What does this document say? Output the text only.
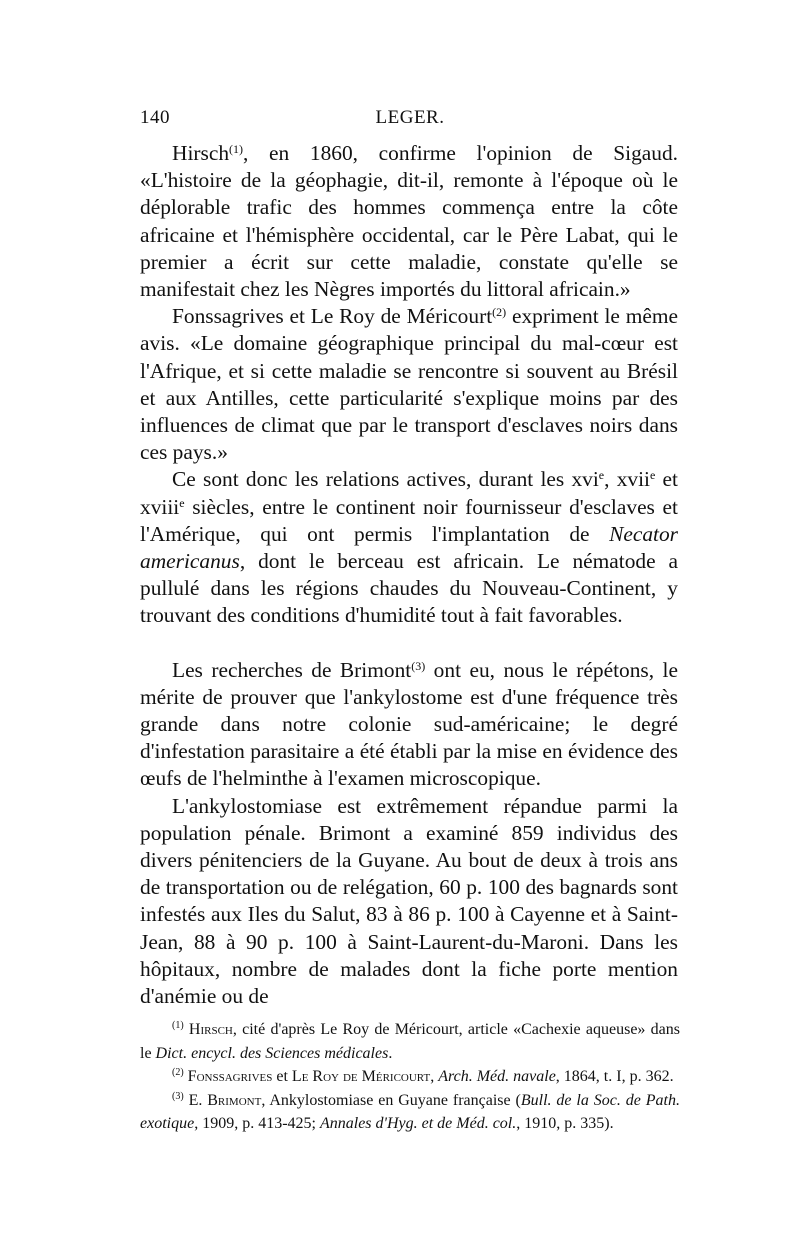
140	LEGER.

Hirsch$^{(1)}$, en 1860, confirme l'opinion de Sigaud. «L'histoire de la géophagie, dit-il, remonte à l'époque où le déplorable trafic des hommes commença entre la côte africaine et l'hémisphère occidental, car le Père Labat, qui le premier a écrit sur cette maladie, constate qu'elle se manifestait chez les Nègres importés du littoral africain.»

Fonssagrives et Le Roy de Méricourt$^{(2)}$ expriment le même avis. «Le domaine géographique principal du mal-cœur est l'Afrique, et si cette maladie se rencontre si souvent au Brésil et aux Antilles, cette particularité s'explique moins par des influences de climat que par le transport d'esclaves noirs dans ces pays.»

Ce sont donc les relations actives, durant les xvi$^e$, xvii$^e$ et xviii$^e$ siècles, entre le continent noir fournisseur d'esclaves et l'Amérique, qui ont permis l'implantation de Necator americanus, dont le berceau est africain. Le nématode a pullulé dans les régions chaudes du Nouveau-Continent, y trouvant des conditions d'humidité tout à fait favorables.

Les recherches de Brimont$^{(3)}$ ont eu, nous le répétons, le mérite de prouver que l'ankylostome est d'une fréquence très grande dans notre colonie sud-américaine; le degré d'infestation parasitaire a été établi par la mise en évidence des œufs de l'helminthe à l'examen microscopique.

L'ankylostomiase est extrêmement répandue parmi la population pénale. Brimont a examiné 859 individus des divers pénitenciers de la Guyane. Au bout de deux à trois ans de transportation ou de relégation, 60 p. 100 des bagnards sont infestés aux Iles du Salut, 83 à 86 p. 100 à Cayenne et à Saint-Jean, 88 à 90 p. 100 à Saint-Laurent-du-Maroni. Dans les hôpitaux, nombre de malades dont la fiche porte mention d'anémie ou de

$^{(1)}$ Hirsch, cité d'après Le Roy de Méricourt, article «Cachexie aqueuse» dans le Dict. encycl. des Sciences médicales.

$^{(2)}$ Fonssagrives et Le Roy de Méricourt, Arch. Méd. navale, 1864, t. I, p. 362.

$^{(3)}$ E. Brimont, Ankylostomiase en Guyane française (Bull. de la Soc. de Path. exotique, 1909, p. 413-425; Annales d'Hyg. et de Méd. col., 1910, p. 335).
